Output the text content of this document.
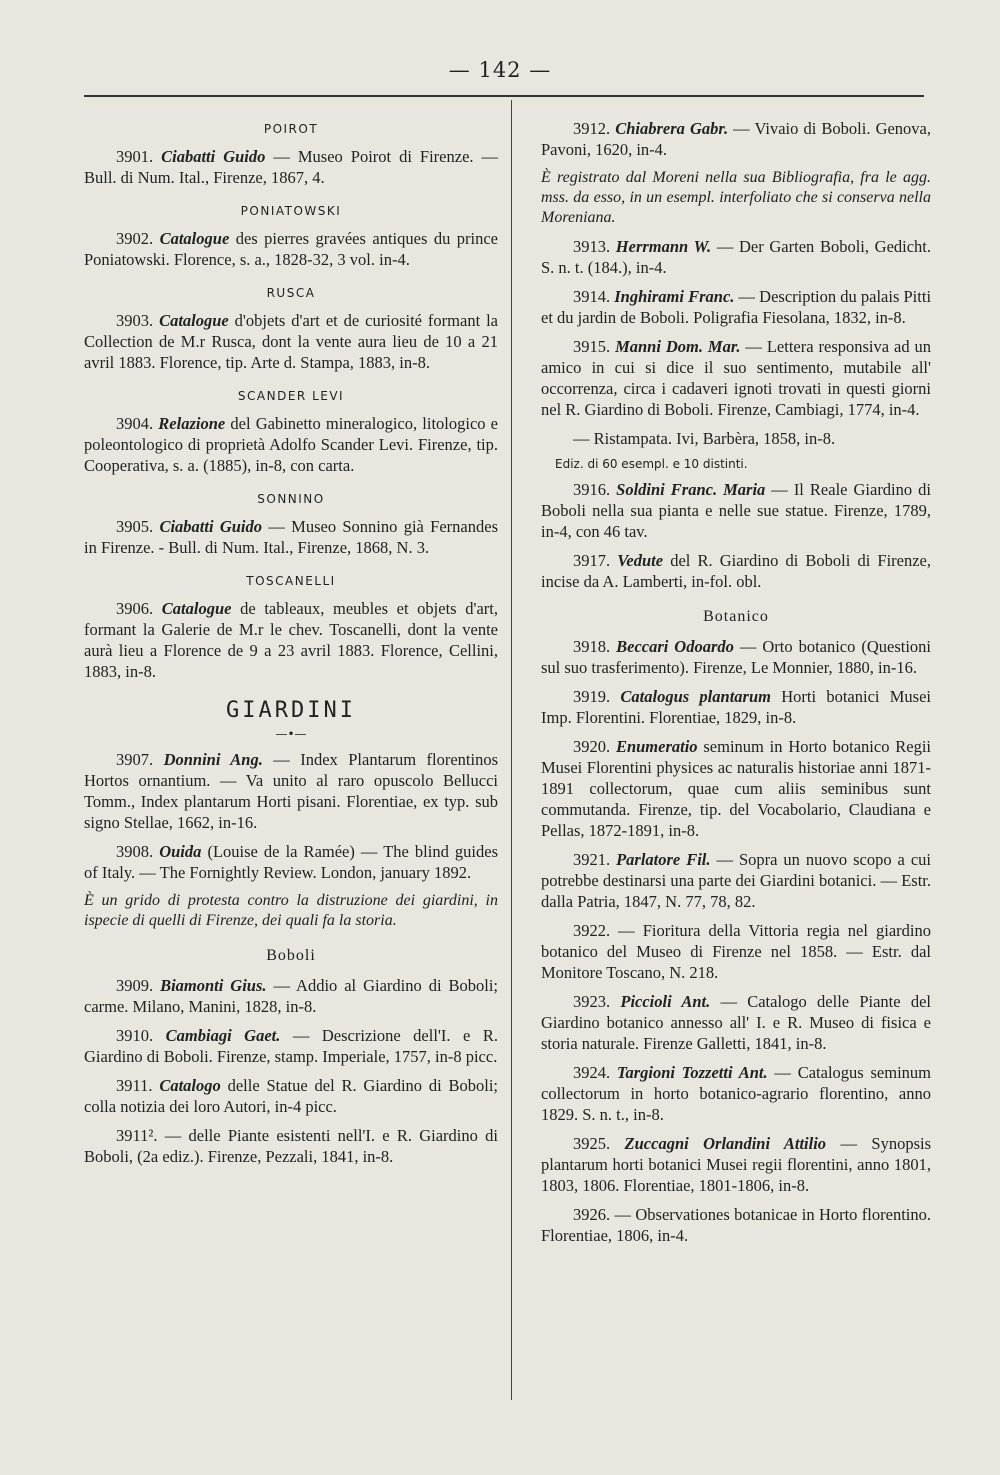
— 142 —
POIROT

3901. Ciabatti Guido — Museo Poirot di Firenze. — Bull. di Num. Ital., Firenze, 1867, 4.

PONIATOWSKI

3902. Catalogue des pierres gravées antiques du prince Poniatowski. Florence, s. a., 1828-32, 3 vol. in-4.

RUSCA

3903. Catalogue d'objets d'art et de curiosité formant la Collection de M.r Rusca, dont la vente aura lieu de 10 a 21 avril 1883. Florence, tip. Arte d. Stampa, 1883, in-8.

SCANDER LEVI

3904. Relazione del Gabinetto mineralogico, litologico e poleontologico di proprietà Adolfo Scander Levi. Firenze, tip. Cooperativa, s. a. (1885), in-8, con carta.

SONNINO

3905. Ciabatti Guido — Museo Sonnino già Fernandes in Firenze. - Bull. di Num. Ital., Firenze, 1868, N. 3.

TOSCANELLI

3906. Catalogue de tableaux, meubles et objets d'art, formant la Galerie de M.r le chev. Toscanelli, dont la vente aurà lieu a Florence de 9 a 23 avril 1883. Florence, Cellini, 1883, in-8.

GIARDINI
—•—

3907. Donnini Ang. — Index Plantarum florentinos Hortos ornantium. — Va unito al raro opuscolo Bellucci Tomm., Index plantarum Horti pisani. Florentiae, ex typ. sub signo Stellae, 1662, in-16.

3908. Ouida (Louise de la Ramée) — The blind guides of Italy. — The Fornightly Review. London, january 1892.

È un grido di protesta contro la distruzione dei giardini, in ispecie di quelli di Firenze, dei quali fa la storia.

Boboli

3909. Biamonti Gius. — Addio al Giardino di Boboli; carme. Milano, Manini, 1828, in-8.

3910. Cambiagi Gaet. — Descrizione dell'I. e R. Giardino di Boboli. Firenze, stamp. Imperiale, 1757, in-8 picc.

3911. Catalogo delle Statue del R. Giardino di Boboli; colla notizia dei loro Autori, in-4 picc.

3911². — delle Piante esistenti nell'I. e R. Giardino di Boboli, (2a ediz.). Firenze, Pezzali, 1841, in-8.

3912. Chiabrera Gabr. — Vivaio di Boboli. Genova, Pavoni, 1620, in-4.

È registrato dal Moreni nella sua Bibliografia, fra le agg. mss. da esso, in un esempl. interfoliato che si conserva nella Moreniana.

3913. Herrmann W. — Der Garten Boboli, Gedicht. S. n. t. (184.), in-4.

3914. Inghirami Franc. — Description du palais Pitti et du jardin de Boboli. Poligrafia Fiesolana, 1832, in-8.

3915. Manni Dom. Mar. — Lettera responsiva ad un amico in cui si dice il suo sentimento, mutabile all' occorrenza, circa i cadaveri ignoti trovati in questi giorni nel R. Giardino di Boboli. Firenze, Cambiagi, 1774, in-4.

— Ristampata. Ivi, Barbèra, 1858, in-8.

Ediz. di 60 esempl. e 10 distinti.

3916. Soldini Franc. Maria — Il Reale Giardino di Boboli nella sua pianta e nelle sue statue. Firenze, 1789, in-4, con 46 tav.

3917. Vedute del R. Giardino di Boboli di Firenze, incise da A. Lamberti, in-fol. obl.

Botanico

3918. Beccari Odoardo — Orto botanico (Questioni sul suo trasferimento). Firenze, Le Monnier, 1880, in-16.

3919. Catalogus plantarum Horti botanici Musei Imp. Florentini. Florentiae, 1829, in-8.

3920. Enumeratio seminum in Horto botanico Regii Musei Florentini physices ac naturalis historiae anni 1871-1891 collectorum, quae cum aliis seminibus sunt commutanda. Firenze, tip. del Vocabolario, Claudiana e Pellas, 1872-1891, in-8.

3921. Parlatore Fil. — Sopra un nuovo scopo a cui potrebbe destinarsi una parte dei Giardini botanici. — Estr. dalla Patria, 1847, N. 77, 78, 82.

3922. — Fioritura della Vittoria regia nel giardino botanico del Museo di Firenze nel 1858. — Estr. dal Monitore Toscano, N. 218.

3923. Piccioli Ant. — Catalogo delle Piante del Giardino botanico annesso all' I. e R. Museo di fisica e storia naturale. Firenze Galletti, 1841, in-8.

3924. Targioni Tozzetti Ant. — Catalogus seminum collectorum in horto botanico-agrario florentino, anno 1829. S. n. t., in-8.

3925. Zuccagni Orlandini Attilio — Synopsis plantarum horti botanici Musei regii florentini, anno 1801, 1803, 1806. Florentiae, 1801-1806, in-8.

3926. — Observationes botanicae in Horto florentino. Florentiae, 1806, in-4.
